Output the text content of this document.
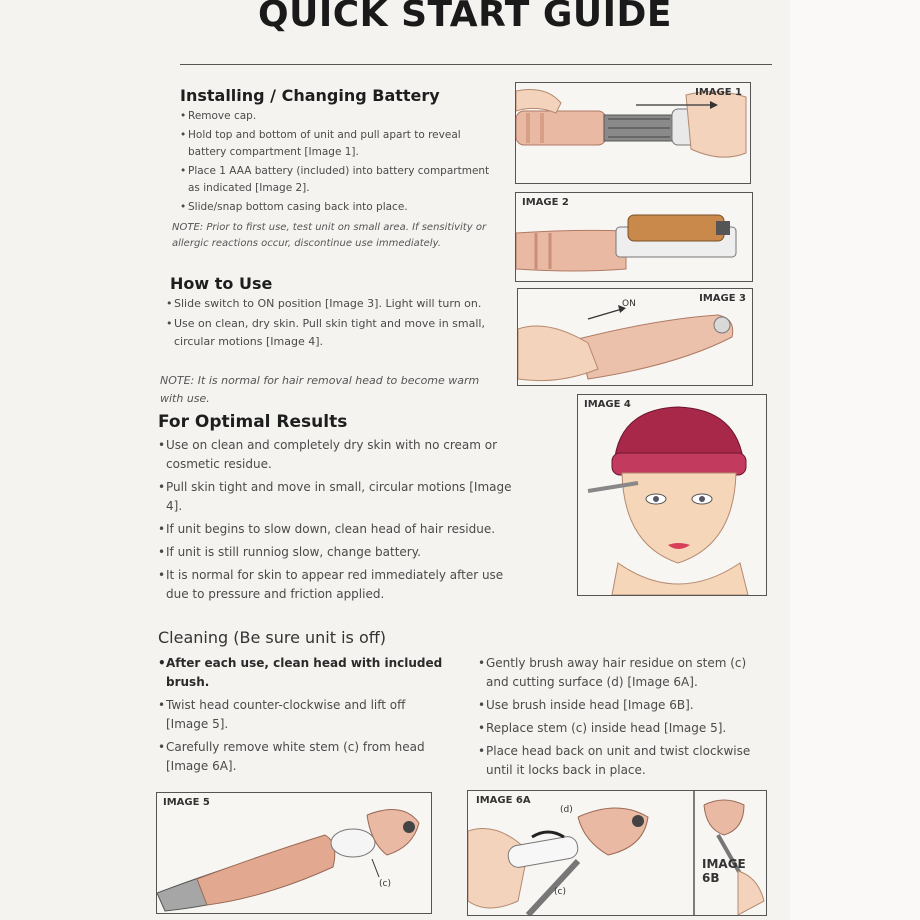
QUICK START GUIDE
Installing / Changing Battery
• Remove cap.
• Hold top and bottom of unit and pull apart to reveal battery compartment [Image 1].
• Place 1 AAA battery (included) into battery compartment as indicated [Image 2].
• Slide/snap bottom casing back into place.
NOTE: Prior to first use, test unit on small area. If sensitivity or allergic reactions occur, discontinue use immediately.
How to Use
• Slide switch to ON position [Image 3]. Light will turn on.
• Use on clean, dry skin. Pull skin tight and move in small, circular motions [Image 4].
NOTE: It is normal for hair removal head to become warm with use.
For Optimal Results
• Use on clean and completely dry skin with no cream or cosmetic residue.
• Pull skin tight and move in small, circular motions [Image 4].
• If unit begins to slow down, clean head of hair residue.
• If unit is still runniog slow, change battery.
• It is normal for skin to appear red immediately after use due to pressure and friction applied.
Cleaning (Be sure unit is off)
• After each use, clean head with included brush.
• Twist head counter-clockwise and lift off [Image 5].
• Carefully remove white stem (c) from head [Image 6A].
• Gently brush away hair residue on stem (c) and cutting surface (d) [Image 6A].
• Use brush inside head [Image 6B].
• Replace stem (c) inside head [Image 5].
• Place head back on unit and twist clockwise until it locks back in place.
IMAGE 1
IMAGE 2
ON	IMAGE 3
IMAGE 4
IMAGE 5
(c)
IMAGE 6A
(d)
(c)
IMAGE
6B
